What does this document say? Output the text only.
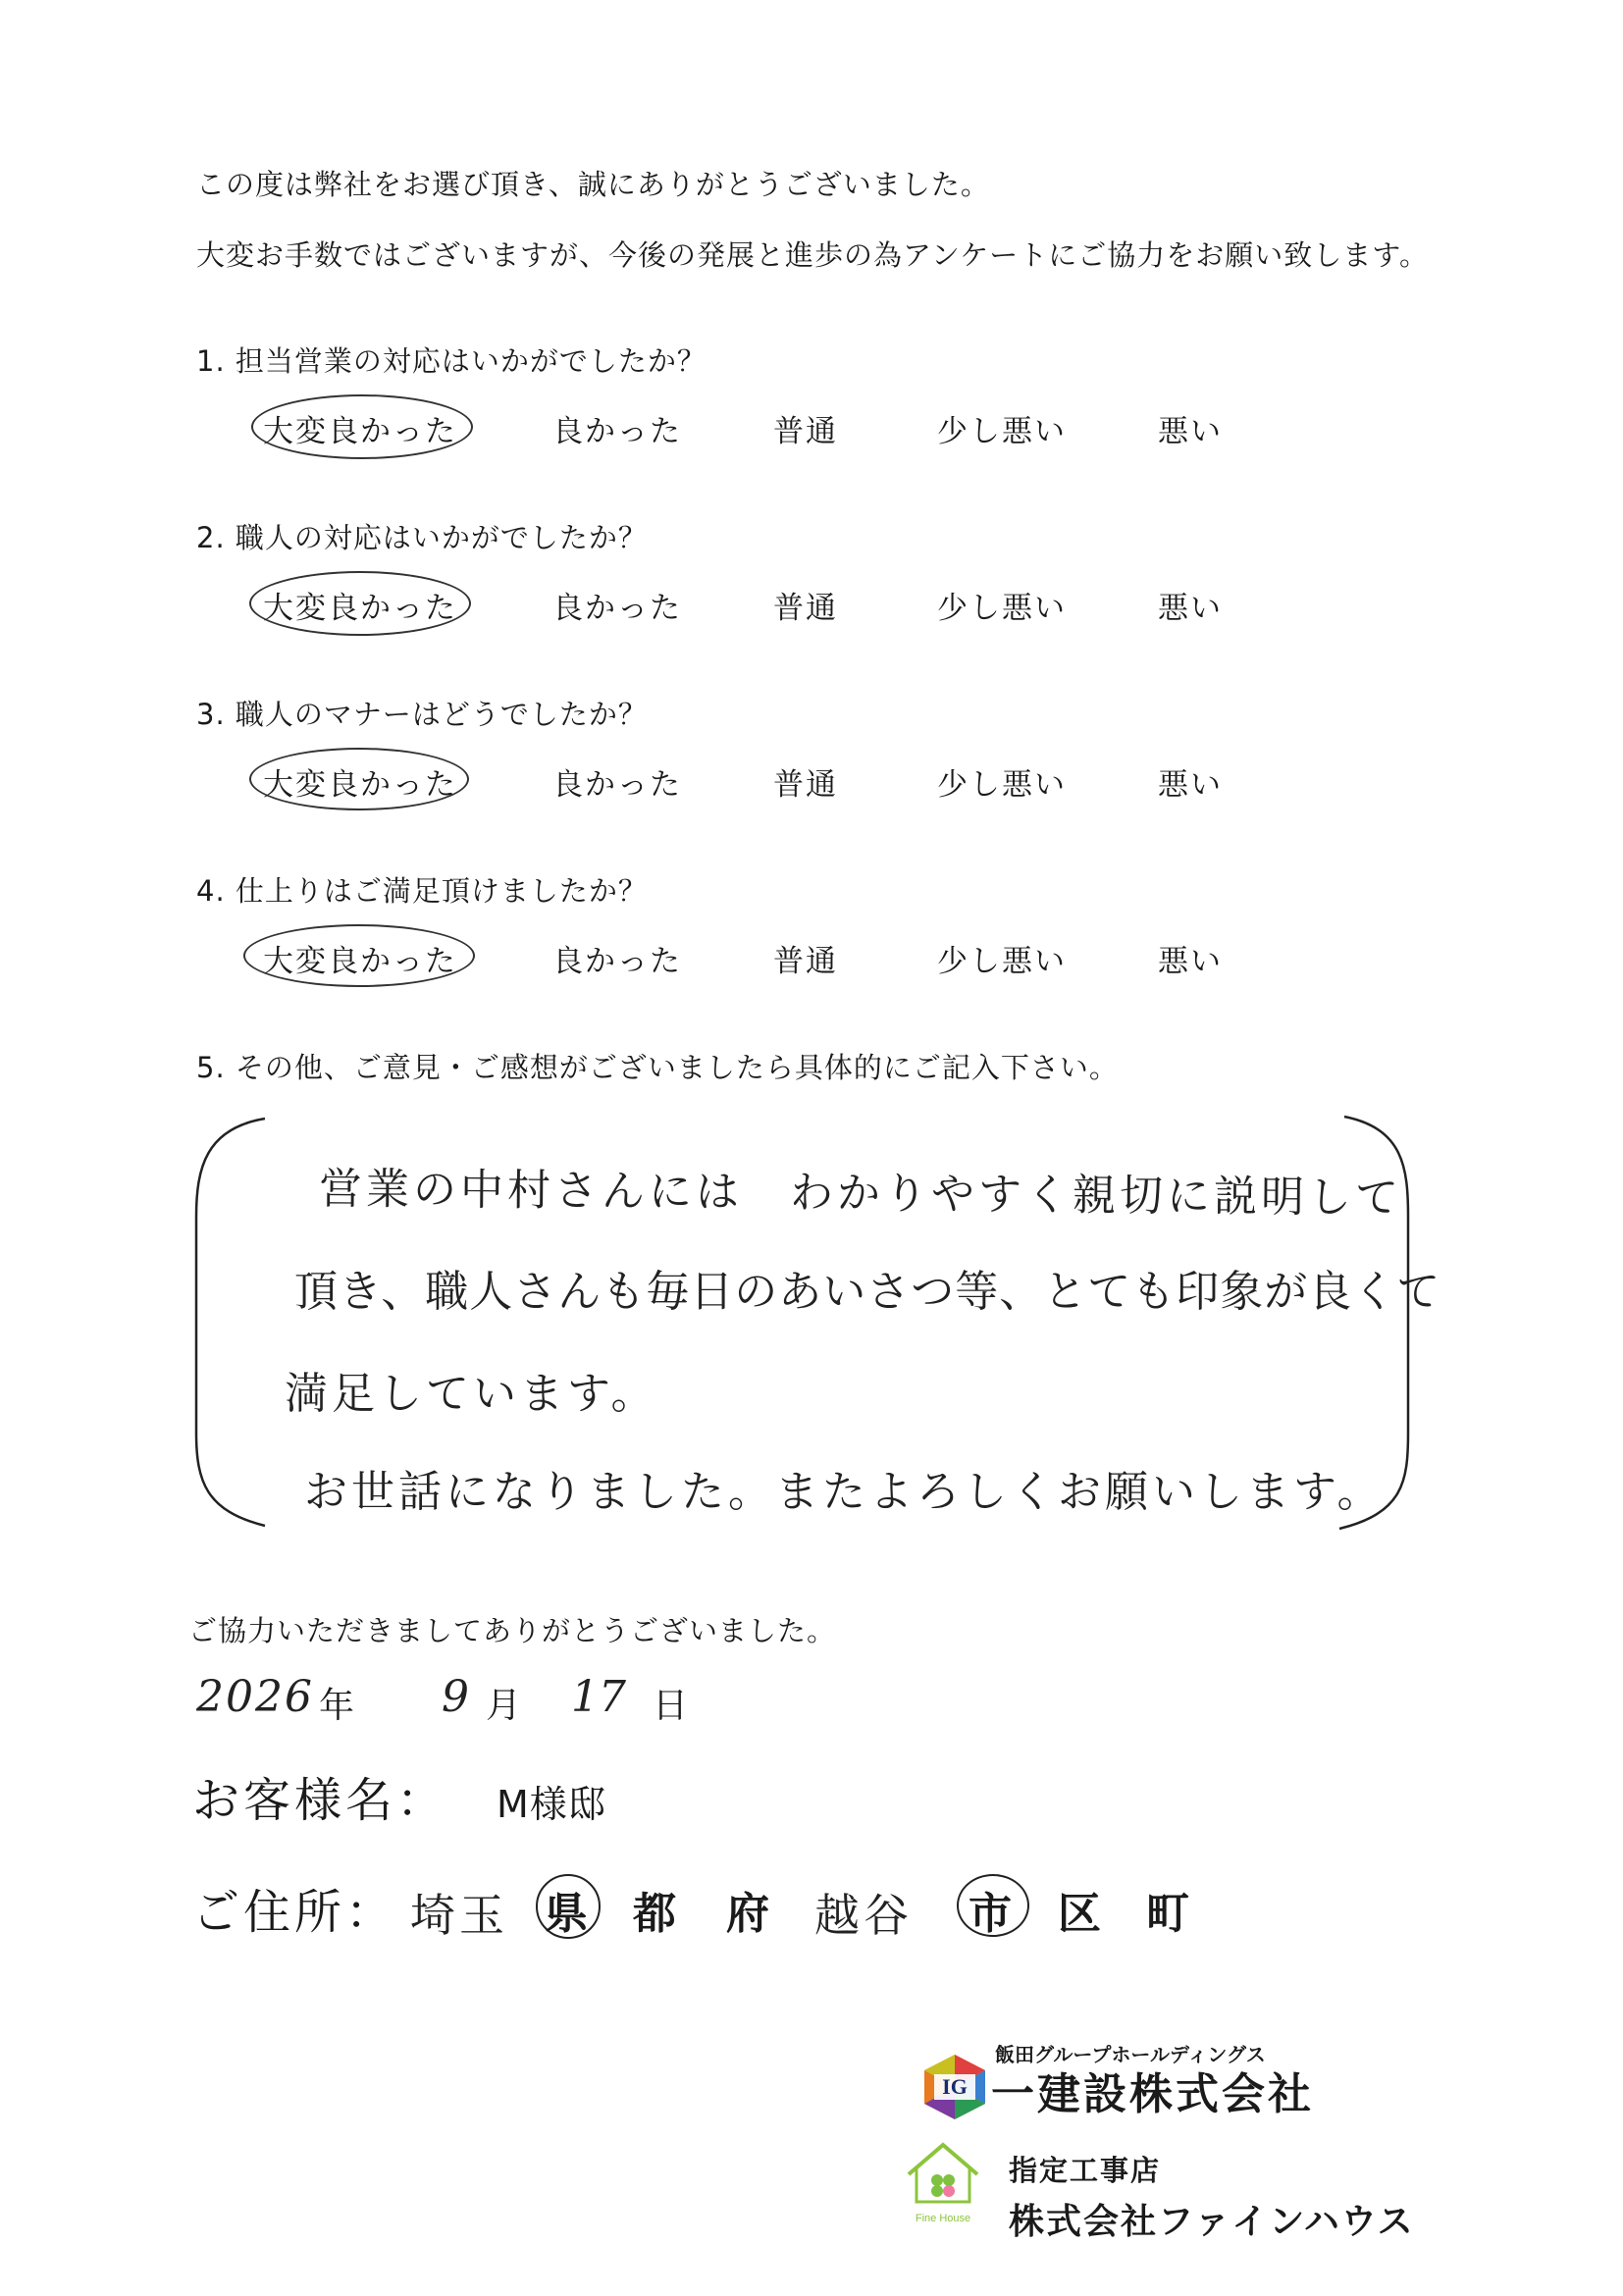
この度は弊社をお選び頂き、誠にありがとうございました。
大変お手数ではございますが、今後の発展と進歩の為アンケートにご協力をお願い致します。
1. 担当営業の対応はいかがでしたか？
大変良かった	良かった	普通	少し悪い	悪い
2. 職人の対応はいかがでしたか？
大変良かった	良かった	普通	少し悪い	悪い
3. 職人のマナーはどうでしたか？
大変良かった	良かった	普通	少し悪い	悪い
4. 仕上りはご満足頂けましたか？
大変良かった	良かった	普通	少し悪い	悪い
5. その他、ご意見・ご感想がございましたら具体的にご記入下さい。
営業の中村さんには　わかりやすく親切に説明して
頂き、職人さんも毎日のあいさつ等、とても印象が良くて
満足しています。
お世話になりました。またよろしくお願いします。
ご協力いただきましてありがとうございました。
2026 年 9 月 17 日
お客様名： M様邸
ご住所： 埼玉 県 都 府 越谷 市 区 町
飯田グループホールディングス
IG 一建設株式会社
Fine House
指定工事店
株式会社ファインハウス
